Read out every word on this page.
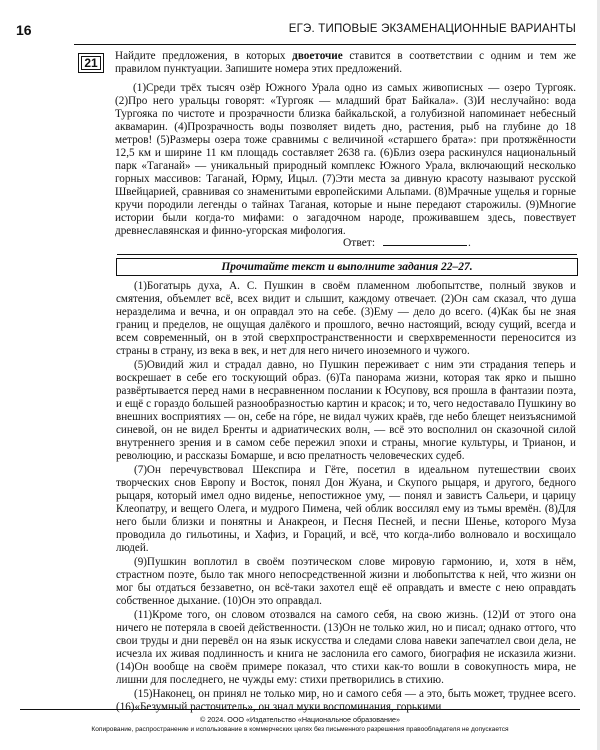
16	ЕГЭ. ТИПОВЫЕ ЭКЗАМЕНАЦИОННЫЕ ВАРИАНТЫ
21	Найдите предложения, в которых двоеточие ставится в соответствии с одним и тем же правилом пунктуации. Запишите номера этих предложений.

(1)Среди трёх тысяч озёр Южного Урала одно из самых живописных — озеро Тургояк. (2)Про него уральцы говорят: «Тургояк — младший брат Байкала». (3)И неслучайно: вода Тургояка по чистоте и прозрачности близка байкальской, а голубизной напоминает небесный аквамарин. (4)Прозрачность воды позволяет видеть дно, растения, рыб на глубине до 18 метров! (5)Размеры озера тоже сравнимы с величиной «старшего брата»: при протяжённости 12,5 км и ширине 11 км площадь составляет 2638 га. (6)Близ озера раскинулся национальный парк «Таганай» — уникальный природный комплекс Южного Урала, включающий несколько горных массивов: Таганай, Юрму, Ицыл. (7)Эти места за дивную красоту называют русской Швейцарией, сравнивая со знаменитыми европейскими Альпами. (8)Мрачные ущелья и горные кручи породили легенды о тайнах Таганая, которые и ныне передают старожилы. (9)Многие истории были когда-то мифами: о загадочном народе, проживавшем здесь, повествует древнеславянская и финно-угорская мифология.

Ответ:	.
Прочитайте текст и выполните задания 22–27.

(1)Богатырь духа, А. С. Пушкин в своём пламенном любопытстве, полный звуков и смятения, объемлет всё, всех видит и слышит, каждому отвечает. (2)Он сам сказал, что душа неразделима и вечна, и он оправдал это на себе. (3)Ему — дело до всего. (4)Как бы не зная границ и пределов, не ощущая далёкого и прошлого, вечно настоящий, всюду сущий, всегда и всем современный, он в этой сверхпространственности и сверхвременности переносится из страны в страну, из века в век, и нет для него ничего иноземного и чужого.

(5)Овидий жил и страдал давно, но Пушкин переживает с ним эти страдания теперь и воскрешает в себе его тоскующий образ. (6)Та панорама жизни, которая так ярко и пышно развёртывается перед нами в несравненном послании к Юсупову, вся прошла в фантазии поэта, и ещё с гораздо большей разнообразностью картин и красок; и то, чего недоставало Пушкину во внешних восприятиях — он, себе на гóре, не видал чужих краёв, где небо блещет неизъяснимой синевой, он не видел Бренты и адриатических волн, — всё это восполнил он сказочной силой внутреннего зрения и в самом себе пережил эпохи и страны, многие культуры, и Трианон, и революцию, и рассказы Бомарше, и всю прелатность человеческих судеб.

(7)Он перечувствовал Шекспира и Гёте, посетил в идеальном путешествии своих творческих снов Европу и Восток, понял Дон Жуана, и Скупого рыцаря, и другого, бедного рыцаря, который имел одно виденье, непостижное уму, — понял и завистъ Сальери, и царицу Клеопатру, и вещего Олега, и мудрого Пимена, чей облик воссилял ему из тьмы времён. (8)Для него были близки и понятны и Анакреон, и Песня Песней, и песни Шенье, которого Муза проводила до гильотины, и Хафиз, и Гораций, и всё, что когда-либо волновало и восхищало людей.

(9)Пушкин воплотил в своём поэтическом слове мировую гармонию, и, хотя в нём, страстном поэте, было так много непосредственной жизни и любопытства к ней, что жизни он мог бы отдаться беззаветно, он всё-таки захотел ещё её оправдать и вместе с нею оправдать собственное дыхание. (10)Он это оправдал.

(11)Кроме того, он словом отозвался на самого себя, на свою жизнь. (12)И от этого она ничего не потеряла в своей действенности. (13)Он не только жил, но и писал; однако оттого, что свои труды и дни перевёл он на язык искусства и следами слова навеки запечатлел свои дела, не исчезла их живая подлинность и книга не заслонила его самого, биография не исказила жизни. (14)Он вообще на своём примере показал, что стихи как-то вошли в совокупность мира, не лишни для последнего, не чужды ему: стихи претворились в стихию.

(15)Наконец, он принял не только мир, но и самого себя — а это, быть может, труднее всего. (16)«Безумный расточитель», он знал муки воспоминания, горькими

© 2024. ООО «Издательство «Национальное образование»
Копирование, распространение и использование в коммерческих целях без письменного разрешения правообладателя не допускается
